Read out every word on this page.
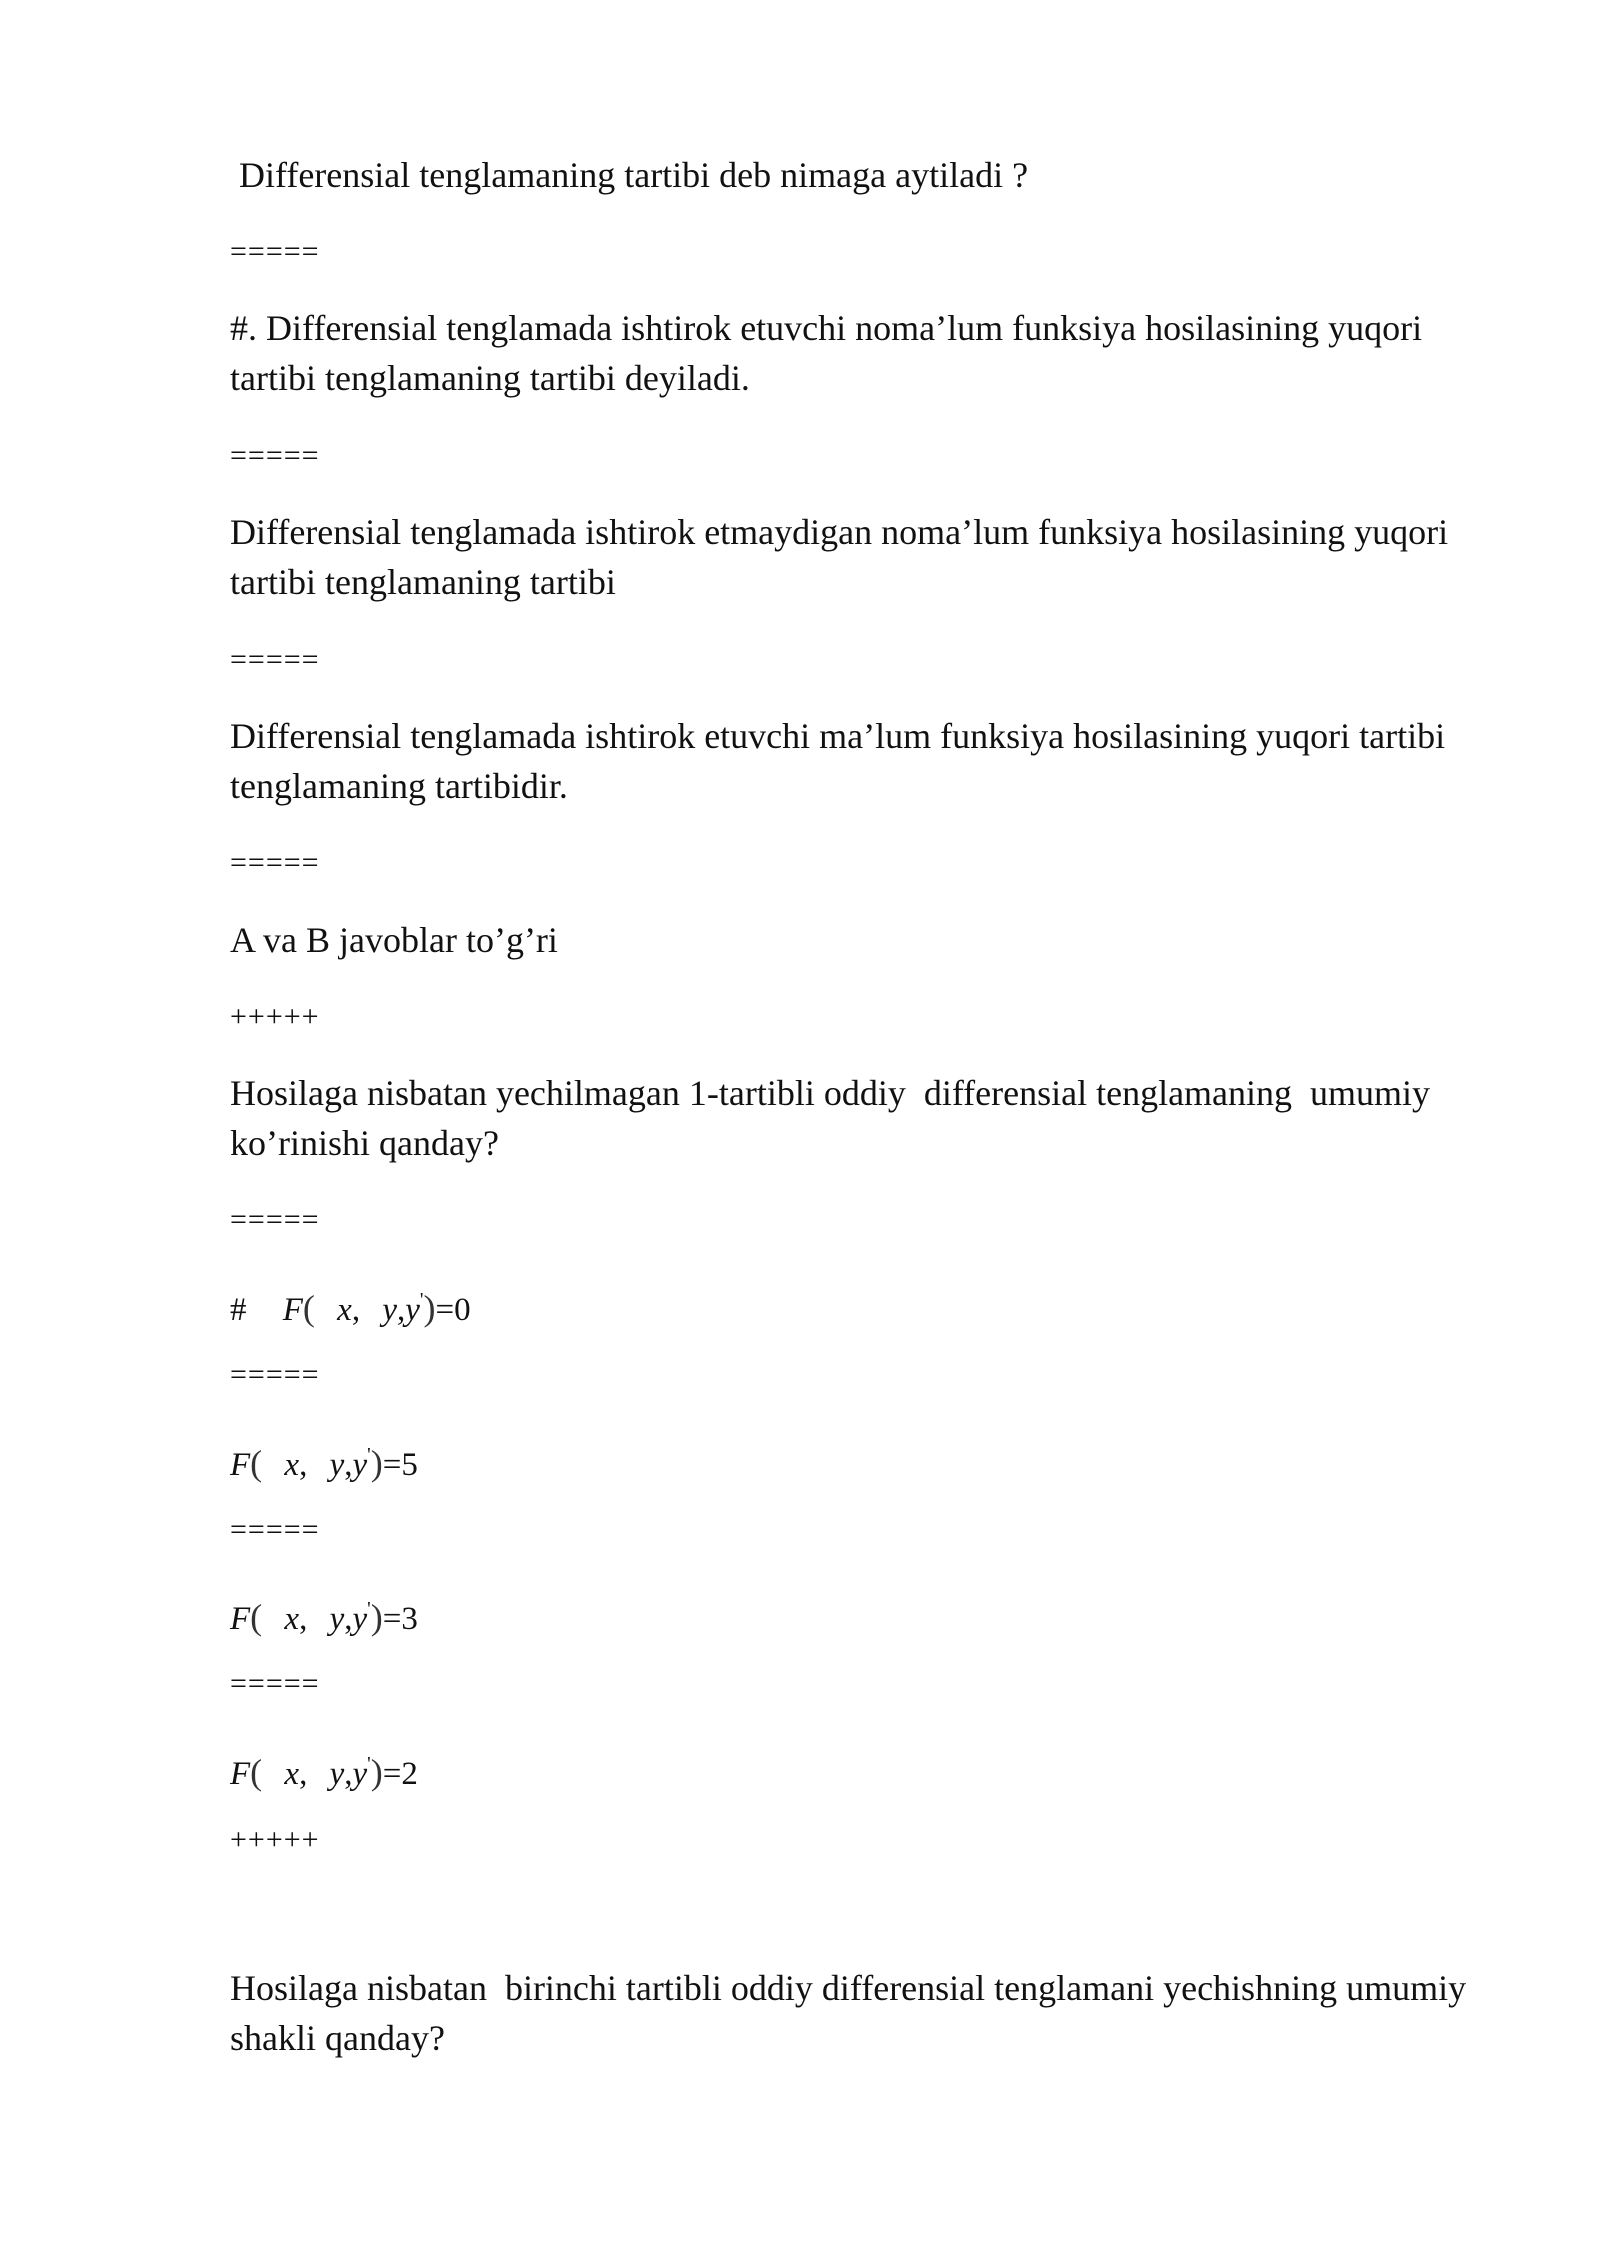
Differensial tenglamaning tartibi deb nimaga aytiladi ?

=====

#. Differensial tenglamada ishtirok etuvchi noma’lum funksiya hosilasining yuqori tartibi tenglamaning tartibi deyiladi.

=====

Differensial tenglamada ishtirok etmaydigan noma’lum funksiya hosilasining yuqori tartibi tenglamaning tartibi

=====

Differensial tenglamada ishtirok etuvchi ma’lum funksiya hosilasining yuqori tartibi tenglamaning tartibidir.

=====

A va B javoblar to’g’ri

+++++

Hosilaga nisbatan yechilmagan 1-tartibli oddiy  differensial tenglamaning  umumiy ko’rinishi qanday?

=====

# F( x, y,y')=0

=====

F( x, y,y')=5

=====

F( x, y,y')=3

=====

F( x, y,y')=2

+++++

Hosilaga nisbatan  birinchi tartibli oddiy differensial tenglamani yechishning umumiy shakli qanday?
